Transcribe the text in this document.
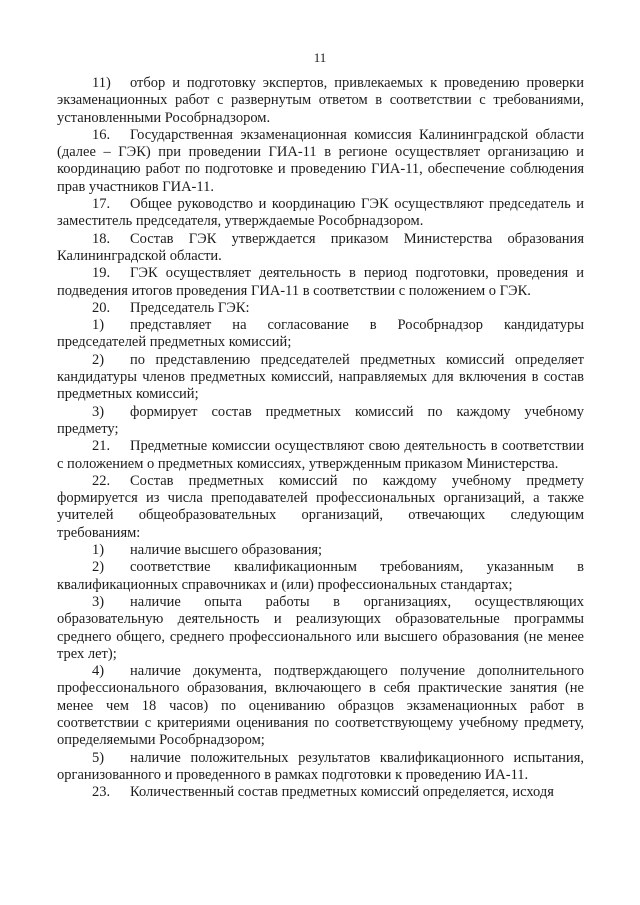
11

11) отбор и подготовку экспертов, привлекаемых к проведению проверки экзаменационных работ с развернутым ответом в соответствии с требованиями, установленными Рособрнадзором.

16. Государственная экзаменационная комиссия Калининградской области (далее – ГЭК) при проведении ГИА-11 в регионе осуществляет организацию и координацию работ по подготовке и проведению ГИА-11, обеспечение соблюдения прав участников ГИА-11.

17. Общее руководство и координацию ГЭК осуществляют председатель и заместитель председателя, утверждаемые Рособрнадзором.

18. Состав ГЭК утверждается приказом Министерства образования Калининградской области.

19. ГЭК осуществляет деятельность в период подготовки, проведения и подведения итогов проведения ГИА-11 в соответствии с положением о ГЭК.

20. Председатель ГЭК:

1) представляет на согласование в Рособрнадзор кандидатуры председателей предметных комиссий;

2) по представлению председателей предметных комиссий определяет кандидатуры членов предметных комиссий, направляемых для включения в состав предметных комиссий;

3) формирует состав предметных комиссий по каждому учебному предмету;

21. Предметные комиссии осуществляют свою деятельность в соответствии с положением о предметных комиссиях, утвержденным приказом Министерства.

22. Состав предметных комиссий по каждому учебному предмету формируется из числа преподавателей профессиональных организаций, а также учителей общеобразовательных организаций, отвечающих следующим требованиям:

1) наличие высшего образования;

2) соответствие квалификационным требованиям, указанным в квалификационных справочниках и (или) профессиональных стандартах;

3) наличие опыта работы в организациях, осуществляющих образовательную деятельность и реализующих образовательные программы среднего общего, среднего профессионального или высшего образования (не менее трех лет);

4) наличие документа, подтверждающего получение дополнительного профессионального образования, включающего в себя практические занятия (не менее чем 18 часов) по оцениванию образцов экзаменационных работ в соответствии с критериями оценивания по соответствующему учебному предмету, определяемыми Рособрнадзором;

5) наличие положительных результатов квалификационного испытания, организованного и проведенного в рамках подготовки к проведению ИА-11.

23. Количественный состав предметных комиссий определяется, исходя
